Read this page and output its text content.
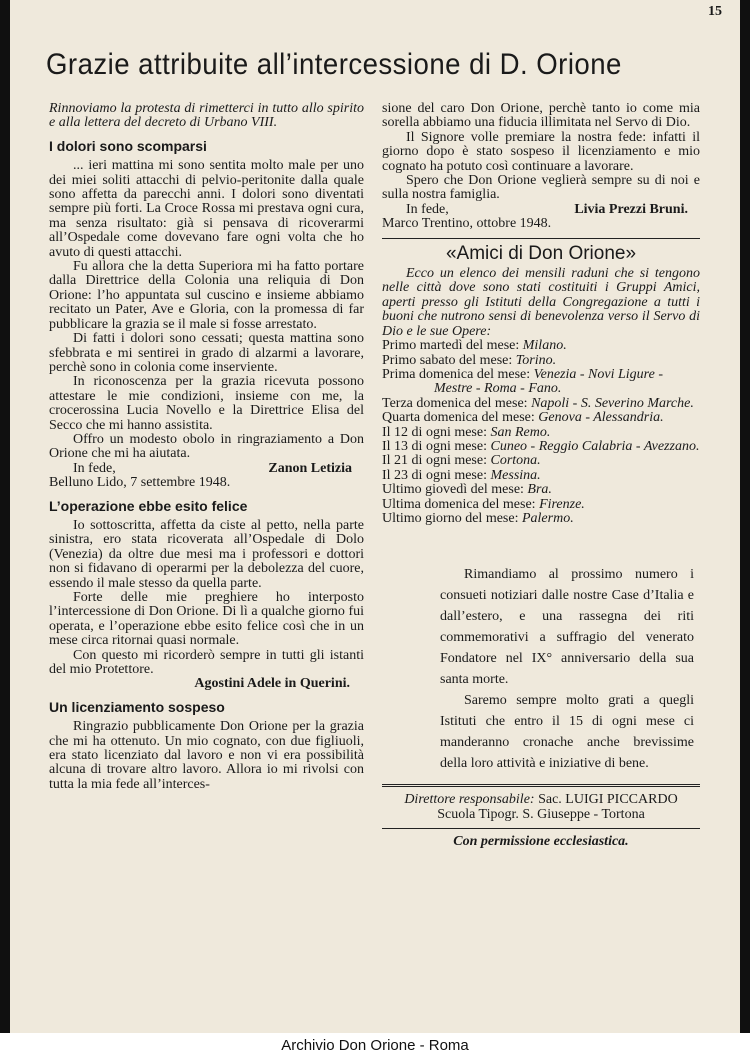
15
Grazie attribuite all’intercessione di D. Orione

Rinnoviamo la protesta di rimetterci in tutto allo spirito e alla lettera del decreto di Urbano VIII.

I dolori sono scomparsi

... ieri mattina mi sono sentita molto male per uno dei miei soliti attacchi di pelvio-peritonite dalla quale sono affetta da parecchi anni. I dolori sono diventati sempre più forti. La Croce Rossa mi prestava ogni cura, ma senza risultato: già si pensava di ricoverarmi all’Ospedale come dovevano fare ogni volta che ho avuto di questi attacchi.

Fu allora che la detta Superiora mi ha fatto portare dalla Direttrice della Colonia una reliquia di Don Orione: l’ho appuntata sul cuscino e insieme abbiamo recitato un Pater, Ave e Gloria, con la promessa di far pubblicare la grazia se il male si fosse arrestato.

Di fatti i dolori sono cessati; questa mattina sono sfebbrata e mi sentirei in grado di alzarmi a lavorare, perchè sono in colonia come inserviente.

In riconoscenza per la grazia ricevuta possono attestare le mie condizioni, insieme con me, la crocerossina Lucia Novello e la Direttrice Elisa del Secco che mi hanno assistita.

Offro un modesto obolo in ringraziamento a Don Orione che mi ha aiutata.

In fede,	Zanon Letizia

Belluno Lido, 7 settembre 1948.

L’operazione ebbe esito felice

Io sottoscritta, affetta da ciste al petto, nella parte sinistra, ero stata ricoverata all’Ospedale di Dolo (Venezia) da oltre due mesi ma i professori e dottori non si fidavano di operarmi per la debolezza del cuore, essendo il male stesso da quella parte.

Forte delle mie preghiere ho interposto l’intercessione di Don Orione. Di lì a qualche giorno fui operata, e l’operazione ebbe esito felice così che in un mese circa ritornai quasi normale.

Con questo mi ricorderò sempre in tutti gli istanti del mio Protettore.

Agostini Adele in Querini.

Un licenziamento sospeso

Ringrazio pubblicamente Don Orione per la grazia che mi ha ottenuto. Un mio cognato, con due figliuoli, era stato licenziato dal lavoro e non vi era possibilità alcuna di trovare altro lavoro. Allora io mi rivolsi con tutta la mia fede all’interces-

sione del caro Don Orione, perchè tanto io come mia sorella abbiamo una fiducia illimitata nel Servo di Dio.

Il Signore volle premiare la nostra fede: infatti il giorno dopo è stato sospeso il licenziamento e mio cognato ha potuto così continuare a lavorare.

Spero che Don Orione veglierà sempre su di noi e sulla nostra famiglia.

In fede,	Livia Prezzi Bruni.

Marco Trentino, ottobre 1948.

«Amici di Don Orione»

Ecco un elenco dei mensili raduni che si tengono nelle città dove sono stati costituiti i Gruppi Amici, aperti presso gli Istituti della Congregazione a tutti i buoni che nutrono sensi di benevolenza verso il Servo di Dio e le sue Opere:

Primo martedì del mese: Milano.

Primo sabato del mese: Torino.

Prima domenica del mese: Venezia - Novi Ligure - Mestre - Roma - Fano.

Terza domenica del mese: Napoli - S. Severino Marche.

Quarta domenica del mese: Genova - Alessandria.

Il 12 di ogni mese: San Remo.

Il 13 di ogni mese: Cuneo - Reggio Calabria - Avezzano.

Il 21 di ogni mese: Cortona.

Il 23 di ogni mese: Messina.

Ultimo giovedì del mese: Bra.

Ultima domenica del mese: Firenze.

Ultimo giorno del mese: Palermo.

Rimandiamo al prossimo numero i consueti notiziari dalle nostre Case d’Italia e dall’estero, e una rassegna dei riti commemorativi a suffragio del venerato Fondatore nel IX° anniversario della sua santa morte.

Saremo sempre molto grati a quegli Istituti che entro il 15 di ogni mese ci manderanno cronache anche brevissime della loro attività e iniziative di bene.

Direttore responsabile: Sac. LUIGI PICCARDO

Scuola Tipogr. S. Giuseppe - Tortona

Con permissione ecclesiastica.

Archivio Don Orione - Roma
